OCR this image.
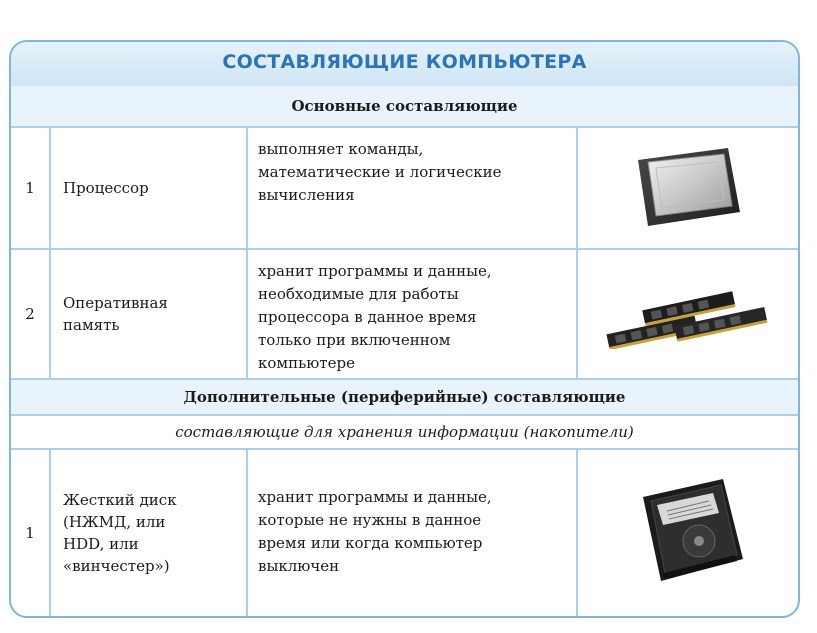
СОСТАВЛЯЮЩИЕ КОМПЬЮТЕРА
Основные составляющие
1	Процессор
выполняет команды,
математические и логические
вычисления
2
Оперативная
память
хранит программы и данные,
необходимые для работы
процессора в данное время
только при включенном
компьютере
Дополнительные (периферийные) составляющие
составляющие для хранения информации (накопители)
1
Жесткий диск
(НЖМД, или
HDD, или
«винчестер»)
хранит программы и данные,
которые не нужны в данное
время или когда компьютер
выключен
